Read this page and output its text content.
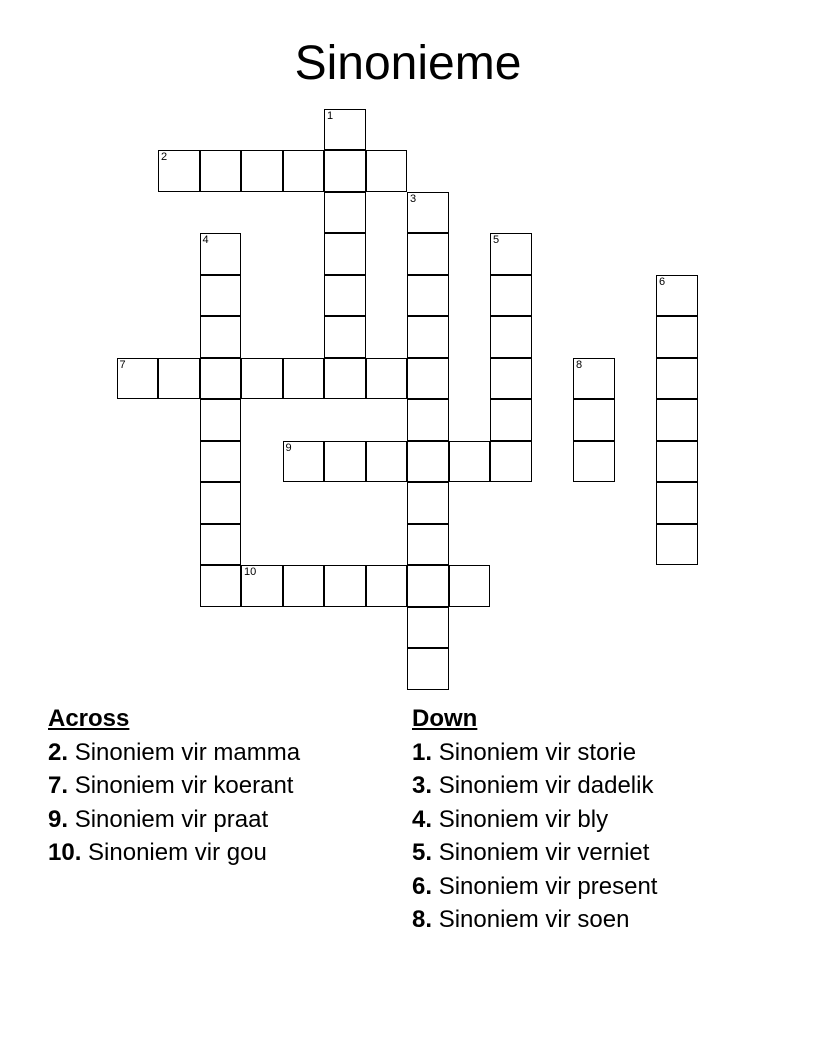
Sinonieme
1
2
3
4	5
6
7	8
9
10
Across
2. Sinoniem vir mamma
7. Sinoniem vir koerant
9. Sinoniem vir praat
10. Sinoniem vir gou
Down
1. Sinoniem vir storie
3. Sinoniem vir dadelik
4. Sinoniem vir bly
5. Sinoniem vir verniet
6. Sinoniem vir present
8. Sinoniem vir soen
